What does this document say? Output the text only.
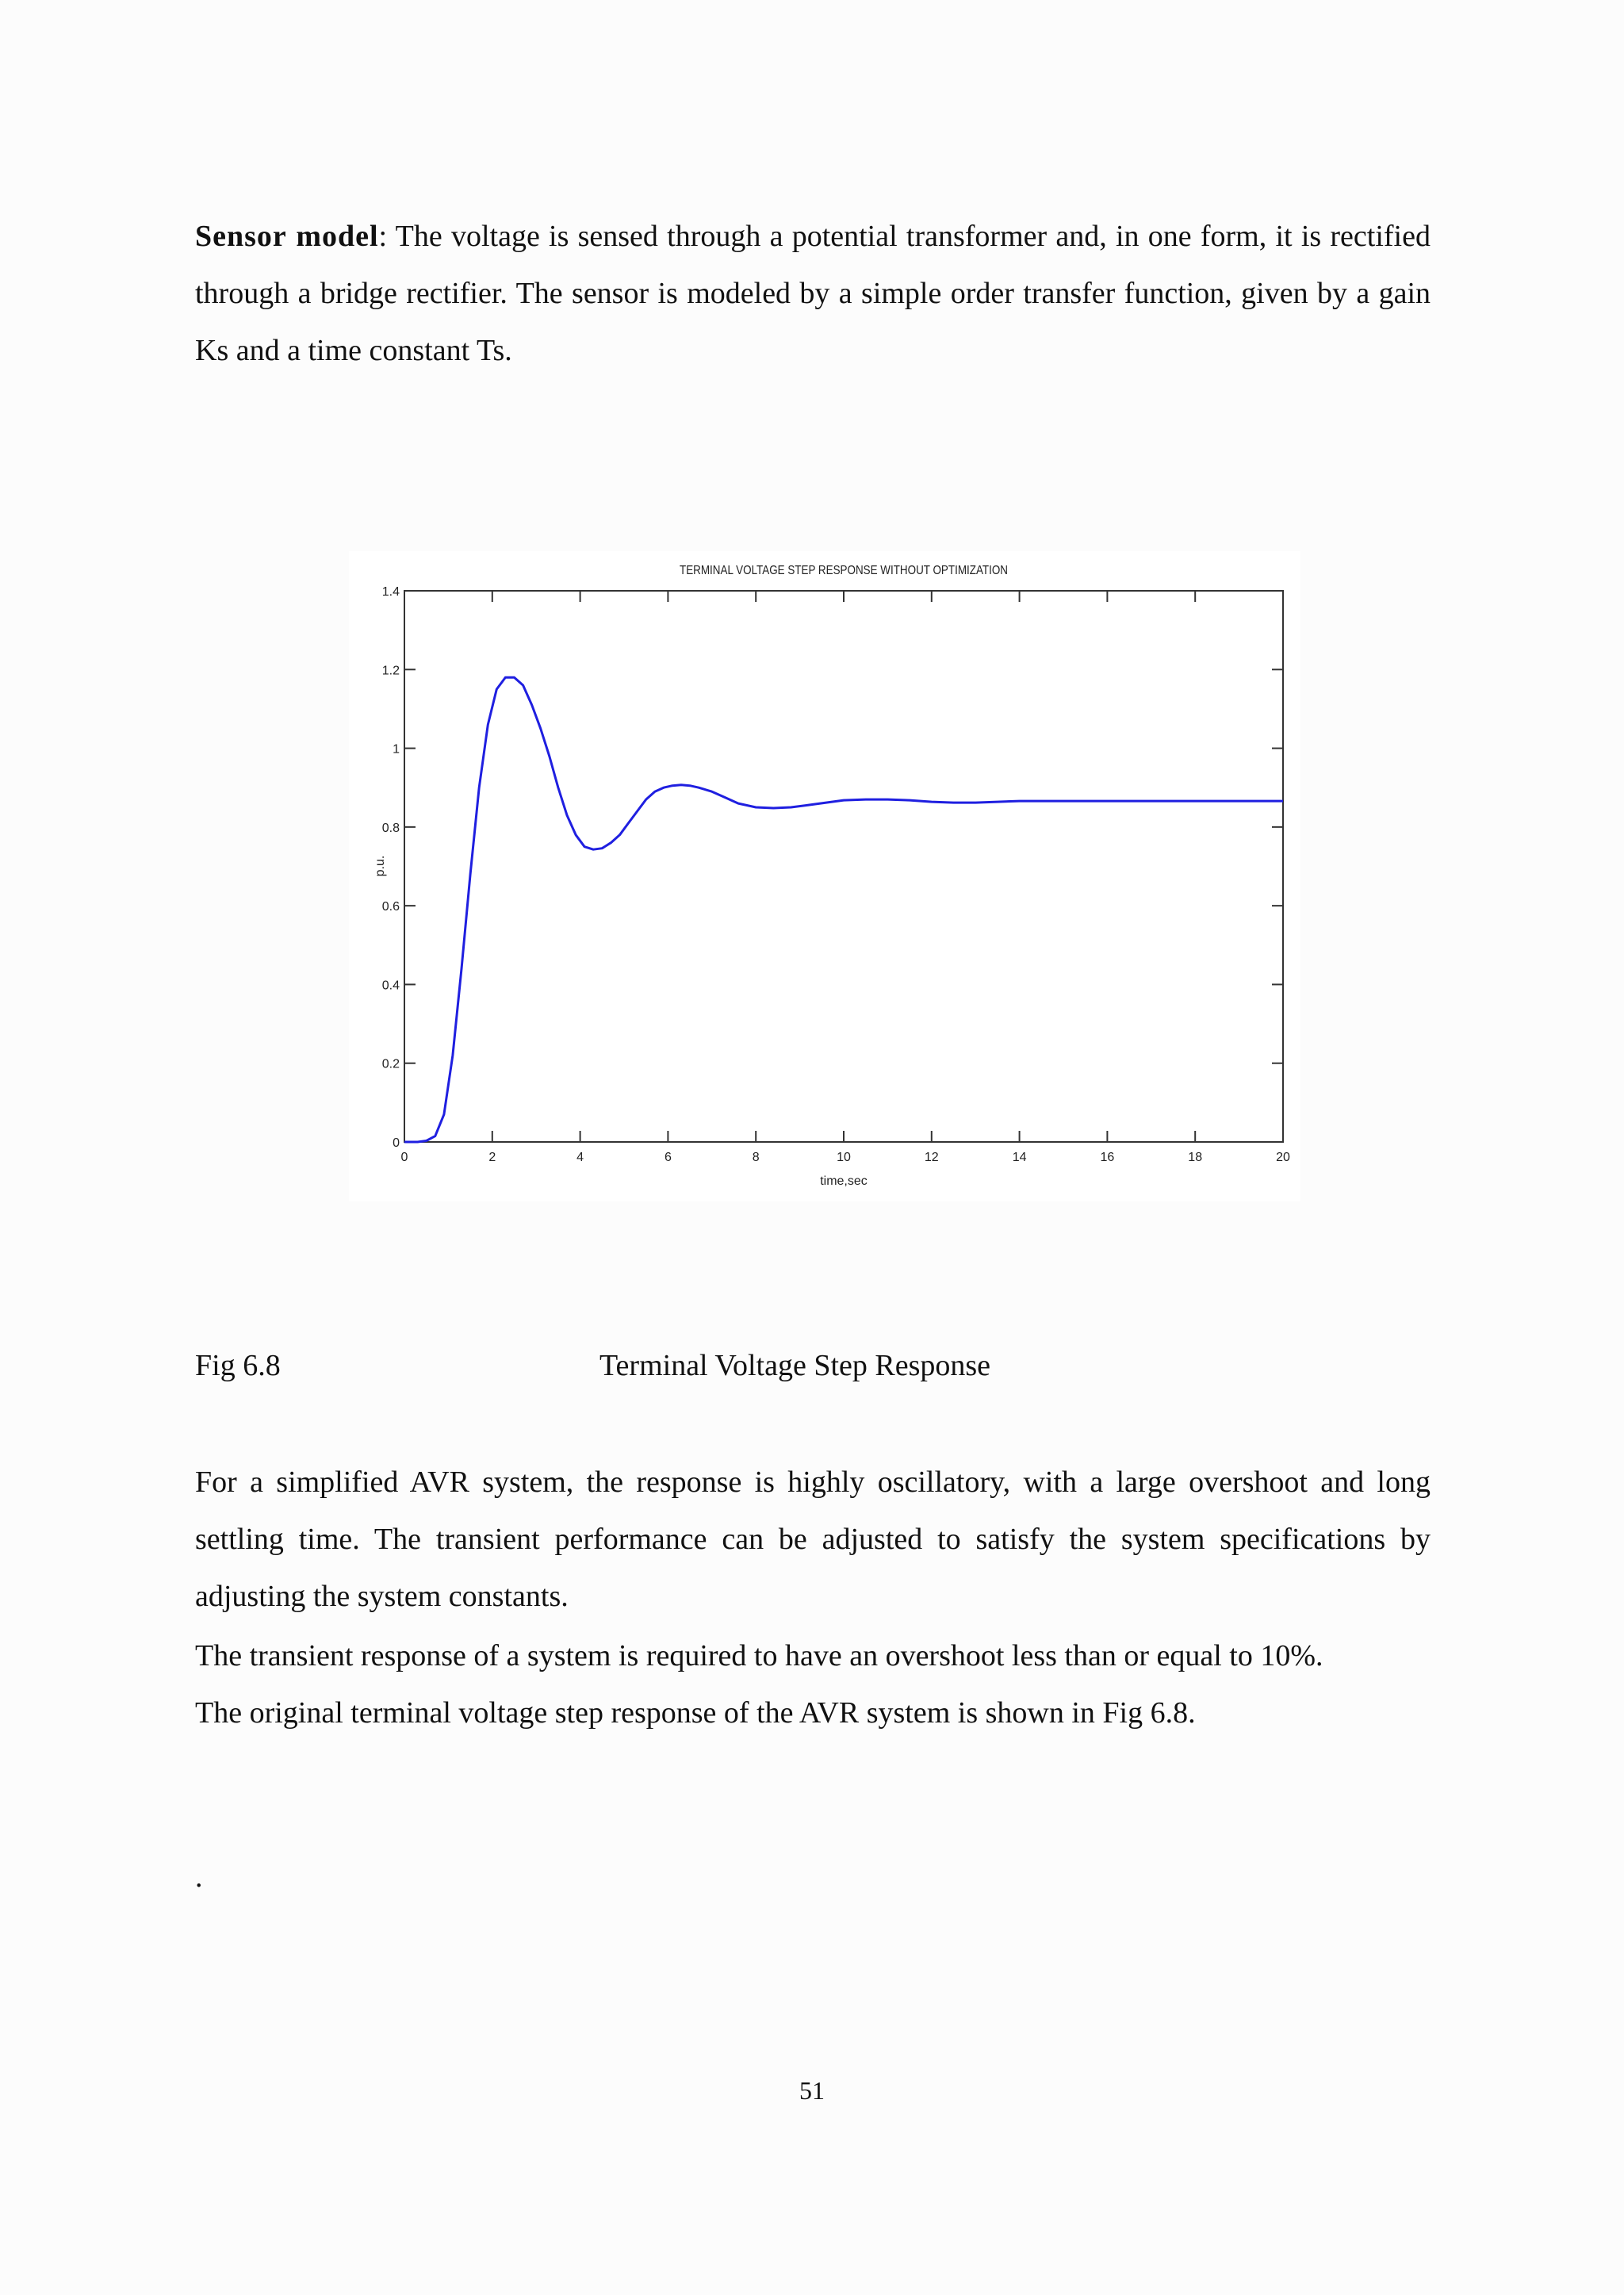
Sensor model: The voltage is sensed through a potential transformer and, in one form, it is rectified through a bridge rectifier. The sensor is modeled by a simple order transfer function, given by a gain Ks and a time constant Ts.

TERMINAL VOLTAGE STEP RESPONSE WITHOUT OPTIMIZATION
0	2	4	6	8	10	12	14	16	18	20
0
0.2
0.4
0.6
0.8
1
1.2
1.4
time,sec
p.u.
Fig 6.8	Terminal Voltage Step Response

For a simplified AVR system, the response is highly oscillatory, with a large overshoot and long settling time. The transient performance can be adjusted to satisfy the system specifications by adjusting the system constants.

The transient response of a system is required to have an overshoot less than or equal to 10%.

The original terminal voltage step response of the AVR system is shown in Fig 6.8.

.
51
